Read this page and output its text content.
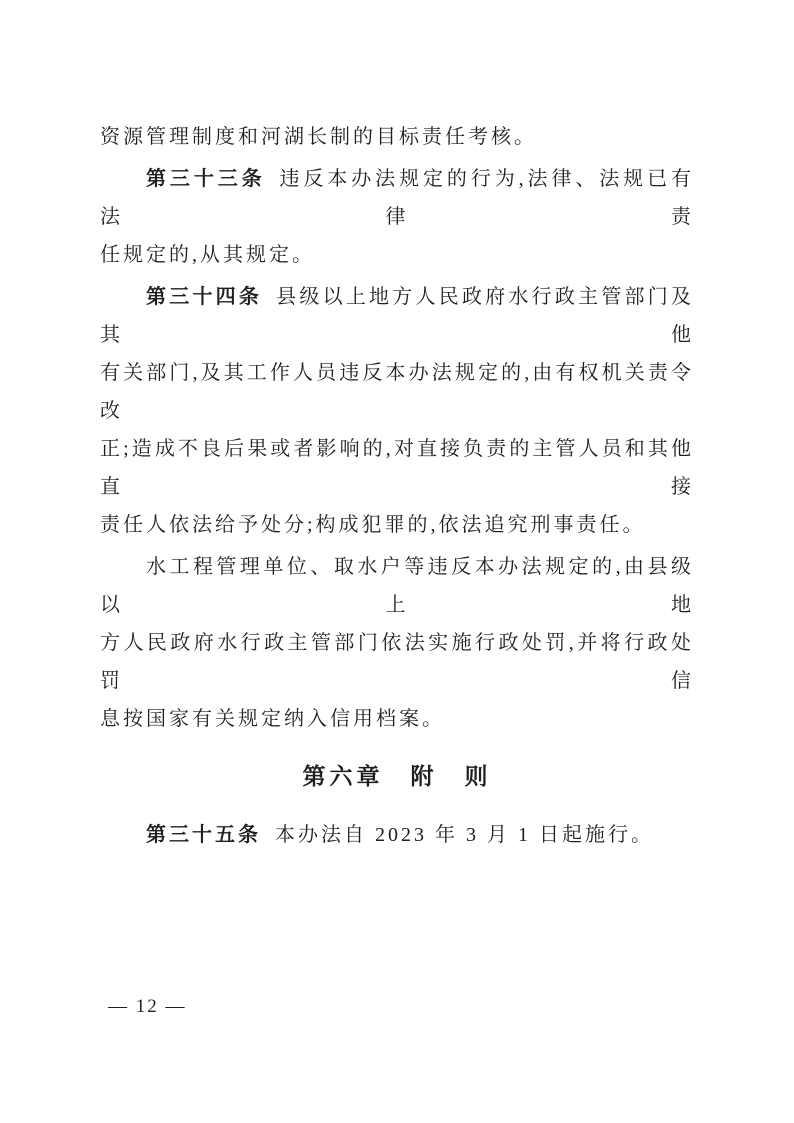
资源管理制度和河湖长制的目标责任考核。

第三十三条 违反本办法规定的行为,法律、法规已有法律责
任规定的,从其规定。

第三十四条 县级以上地方人民政府水行政主管部门及其他
有关部门,及其工作人员违反本办法规定的,由有权机关责令改
正;造成不良后果或者影响的,对直接负责的主管人员和其他直接
责任人依法给予处分;构成犯罪的,依法追究刑事责任。

水工程管理单位、取水户等违反本办法规定的,由县级以上地
方人民政府水行政主管部门依法实施行政处罚,并将行政处罚信
息按国家有关规定纳入信用档案。

第六章　附　则

第三十五条 本办法自 2023 年 3 月 1 日起施行。

— 12 —
